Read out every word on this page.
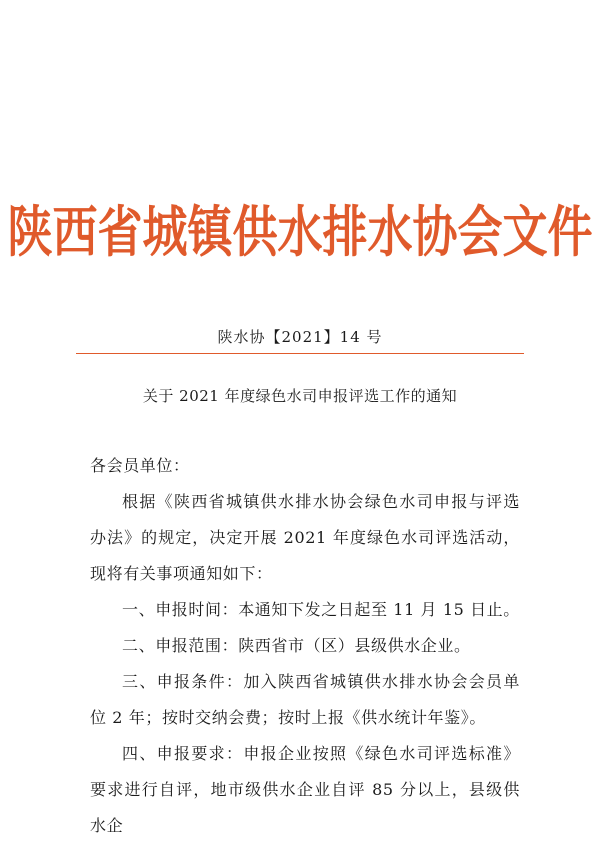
陕西省城镇供水排水协会文件
陕水协【2021】14 号
关于 2021 年度绿色水司申报评选工作的通知

各会员单位：

根据《陕西省城镇供水排水协会绿色水司申报与评选办法》的规定，决定开展 2021 年度绿色水司评选活动，现将有关事项通知如下：

一、申报时间：本通知下发之日起至 11 月 15 日止。

二、申报范围：陕西省市（区）县级供水企业。

三、申报条件：加入陕西省城镇供水排水协会会员单位 2 年；按时交纳会费；按时上报《供水统计年鉴》。

四、申报要求：申报企业按照《绿色水司评选标准》要求进行自评，地市级供水企业自评 85 分以上，县级供水企
